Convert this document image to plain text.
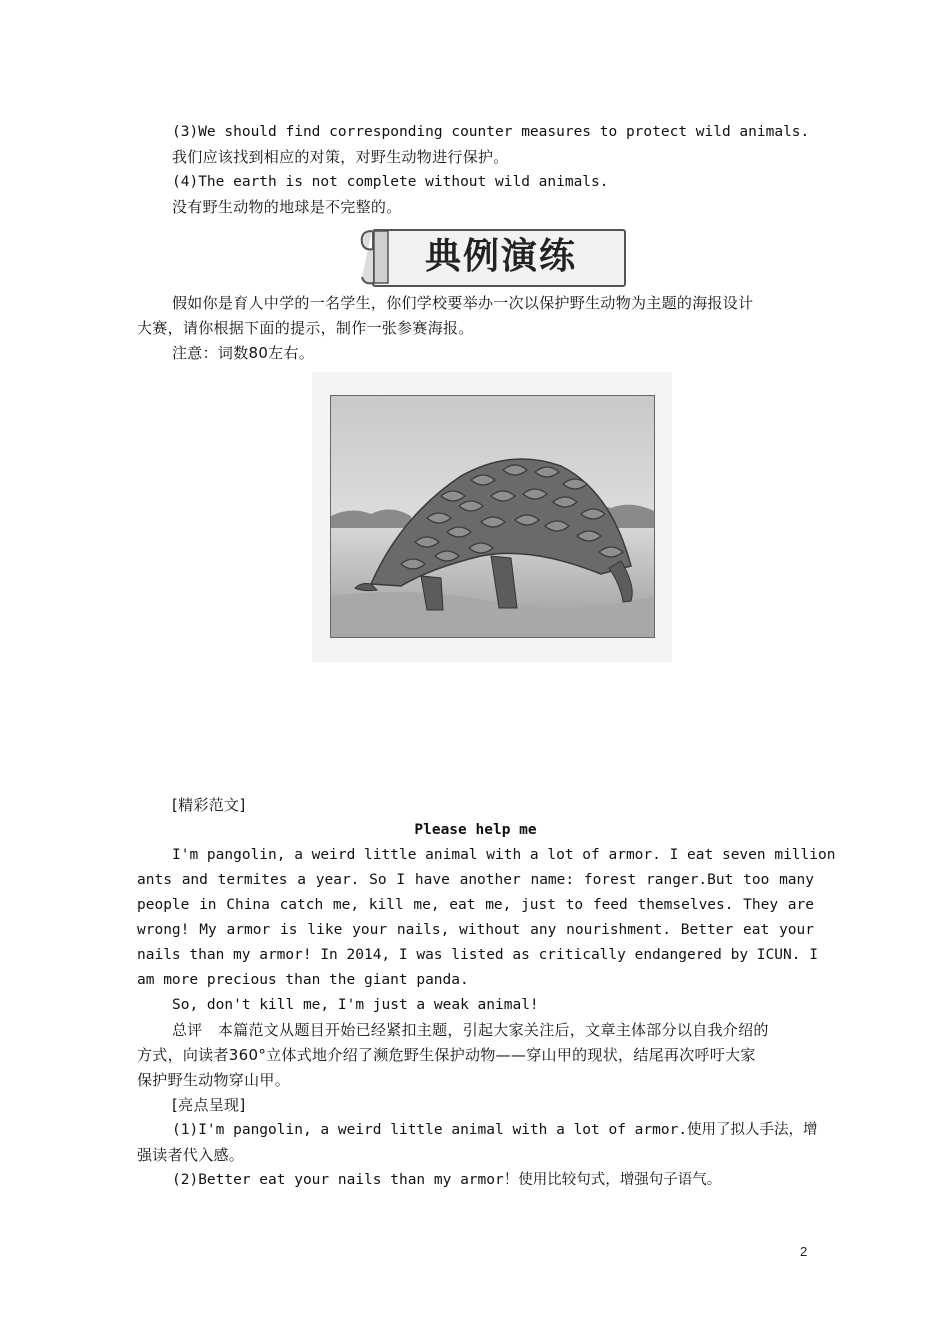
(3)We should find corresponding counter measures to protect wild animals.
我们应该找到相应的对策，对野生动物进行保护。
(4)The earth is not complete without wild animals.
没有野生动物的地球是不完整的。
典例演练
假如你是育人中学的一名学生，你们学校要举办一次以保护野生动物为主题的海报设计
大赛，请你根据下面的提示，制作一张参赛海报。
注意：词数80左右。
[精彩范文]
Please help me
I'm pangolin, a weird little animal with a lot of armor. I eat seven million
ants and termites a year. So I have another name: forest ranger.But too many
people in China catch me, kill me, eat me, just to feed themselves. They are
wrong! My armor is like your nails, without any nourishment. Better eat your
nails than my armor! In 2014, I was listed as critically endangered by ICUN. I
am more precious than the giant panda.
So, don't kill me, I'm just a weak animal!
总评　本篇范文从题目开始已经紧扣主题，引起大家关注后，文章主体部分以自我介绍的
方式，向读者360°立体式地介绍了濒危野生保护动物——穿山甲的现状，结尾再次呼吁大家
保护野生动物穿山甲。
[亮点呈现]
(1)I'm pangolin, a weird little animal with a lot of armor.使用了拟人手法，增
强读者代入感。
(2)Better eat your nails than my armor！使用比较句式，增强句子语气。
2
